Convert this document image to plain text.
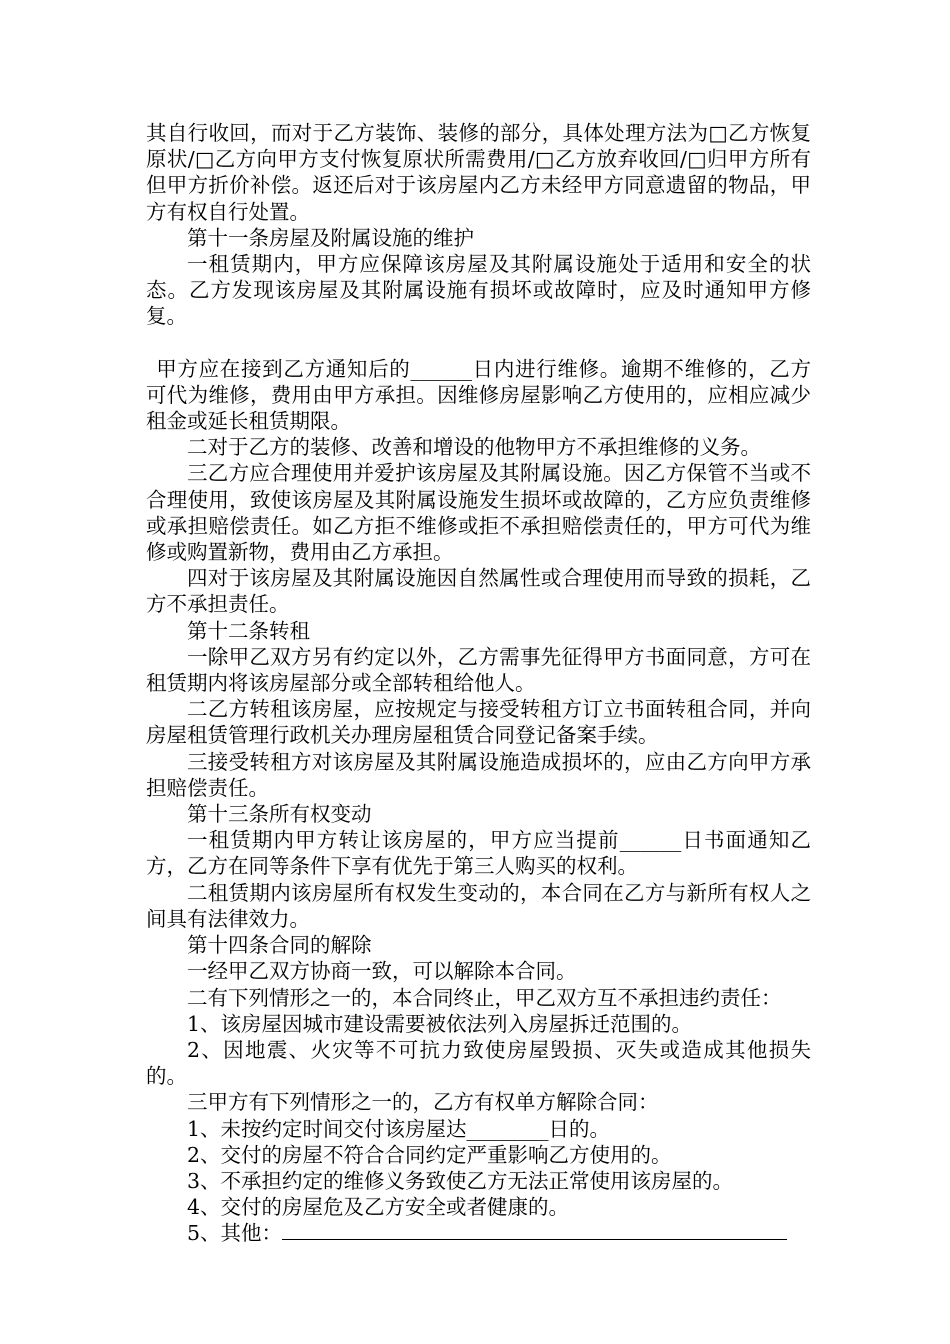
其自行收回，而对于乙方装饰、装修的部分，具体处理方法为□乙方恢复原状/□乙方向甲方支付恢复原状所需费用/□乙方放弃收回/□归甲方所有但甲方折价补偿。返还后对于该房屋内乙方未经甲方同意遗留的物品，甲方有权自行处置。

第十一条房屋及附属设施的维护

一租赁期内，甲方应保障该房屋及其附属设施处于适用和安全的状态。乙方发现该房屋及其附属设施有损坏或故障时，应及时通知甲方修复。

甲方应在接到乙方通知后的______日内进行维修。逾期不维修的，乙方可代为维修，费用由甲方承担。因维修房屋影响乙方使用的，应相应减少租金或延长租赁期限。

二对于乙方的装修、改善和增设的他物甲方不承担维修的义务。

三乙方应合理使用并爱护该房屋及其附属设施。因乙方保管不当或不合理使用，致使该房屋及其附属设施发生损坏或故障的，乙方应负责维修或承担赔偿责任。如乙方拒不维修或拒不承担赔偿责任的，甲方可代为维修或购置新物，费用由乙方承担。

四对于该房屋及其附属设施因自然属性或合理使用而导致的损耗，乙方不承担责任。

第十二条转租

一除甲乙双方另有约定以外，乙方需事先征得甲方书面同意，方可在租赁期内将该房屋部分或全部转租给他人。

二乙方转租该房屋，应按规定与接受转租方订立书面转租合同，并向房屋租赁管理行政机关办理房屋租赁合同登记备案手续。

三接受转租方对该房屋及其附属设施造成损坏的，应由乙方向甲方承担赔偿责任。

第十三条所有权变动

一租赁期内甲方转让该房屋的，甲方应当提前______日书面通知乙方，乙方在同等条件下享有优先于第三人购买的权利。

二租赁期内该房屋所有权发生变动的，本合同在乙方与新所有权人之间具有法律效力。

第十四条合同的解除

一经甲乙双方协商一致，可以解除本合同。

二有下列情形之一的，本合同终止，甲乙双方互不承担违约责任：

1、该房屋因城市建设需要被依法列入房屋拆迁范围的。

2、因地震、火灾等不可抗力致使房屋毁损、灭失或造成其他损失的。

三甲方有下列情形之一的，乙方有权单方解除合同：

1、未按约定时间交付该房屋达________日的。

2、交付的房屋不符合合同约定严重影响乙方使用的。

3、不承担约定的维修义务致使乙方无法正常使用该房屋的。

4、交付的房屋危及乙方安全或者健康的。

5、其他：
